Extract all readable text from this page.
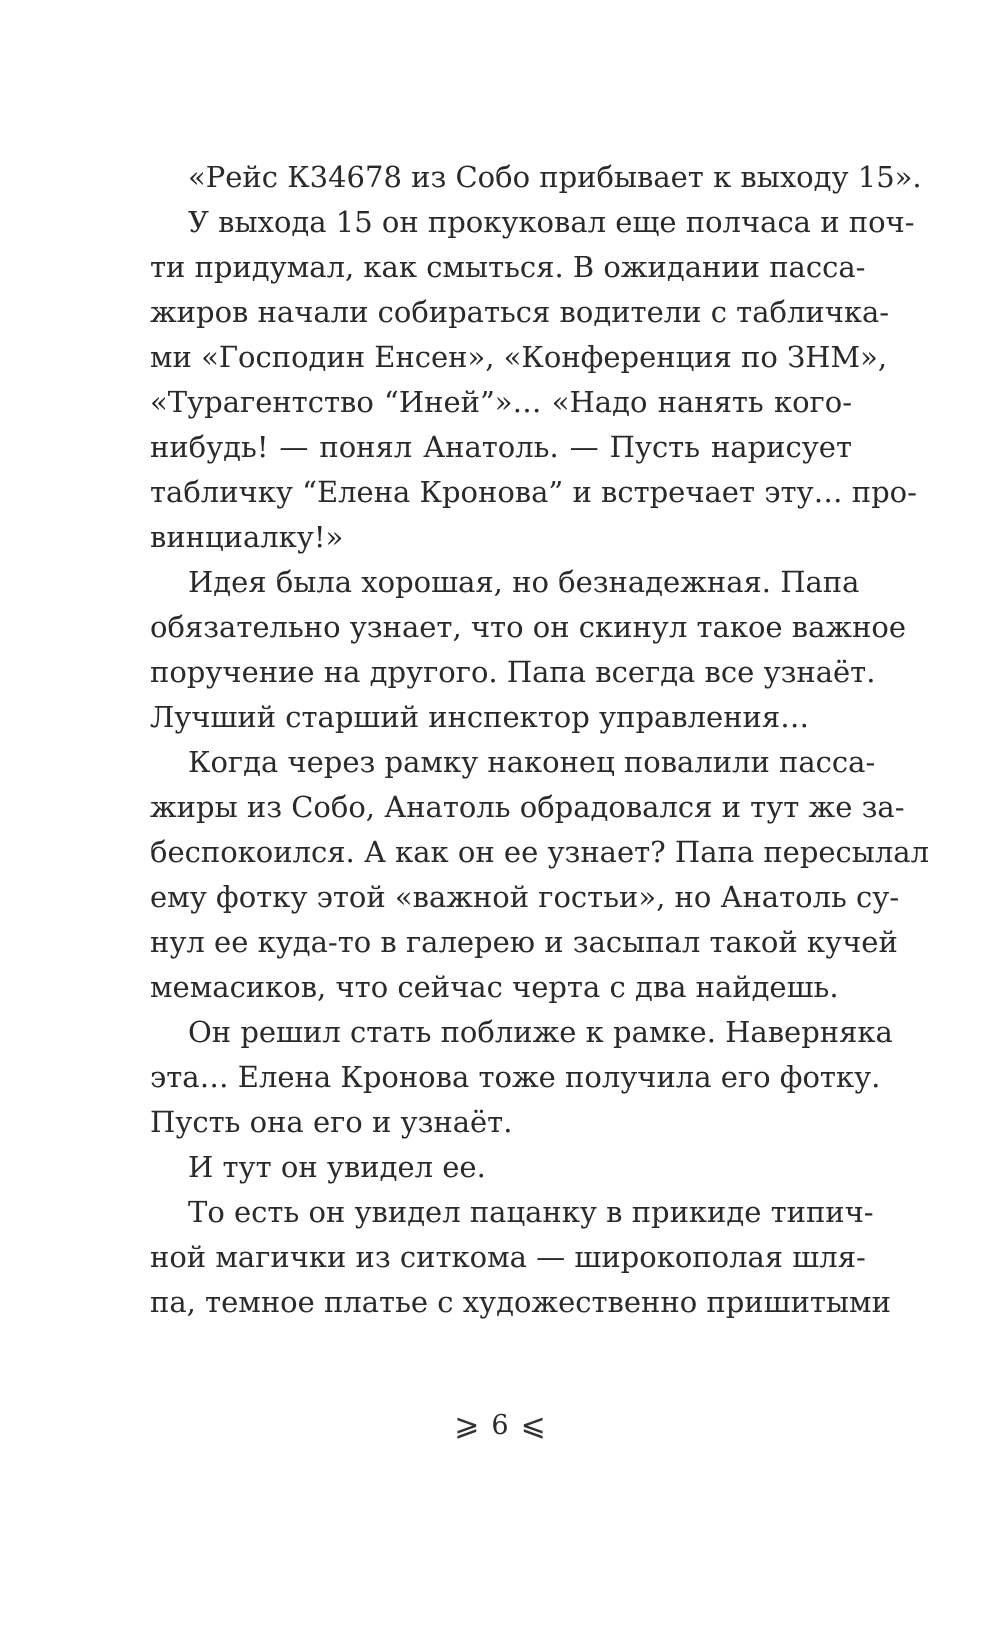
«Рейс К34678 из Собо прибывает к выходу 15».
У выхода 15 он прокуковал еще полчаса и поч-
ти придумал, как смыться. В ожидании пасса-
жиров начали собираться водители с табличка-
ми «Господин Енсен», «Конференция по ЗНМ»,
«Турагентство “Иней”»… «Надо нанять кого-
нибудь! — понял Анатоль. — Пусть нарисует
табличку “Елена Кронова” и встречает эту… про-
винциалку!»
Идея была хорошая, но безнадежная. Папа
обязательно узнает, что он скинул такое важное
поручение на другого. Папа всегда все узнаёт.
Лучший старший инспектор управления…
Когда через рамку наконец повалили пасса-
жиры из Собо, Анатоль обрадовался и тут же за-
беспокоился. А как он ее узнает? Папа пересылал
ему фотку этой «важной гостьи», но Анатоль су-
нул ее куда-то в галерею и засыпал такой кучей
мемасиков, что сейчас черта с два найдешь.
Он решил стать поближе к рамке. Наверняка
эта… Елена Кронова тоже получила его фотку.
Пусть она его и узнаёт.
И тут он увидел ее.
То есть он увидел пацанку в прикиде типич-
ной магички из ситкома — широкополая шля-
па, темное платье с художественно пришитыми
⩾ 6 ⩽
